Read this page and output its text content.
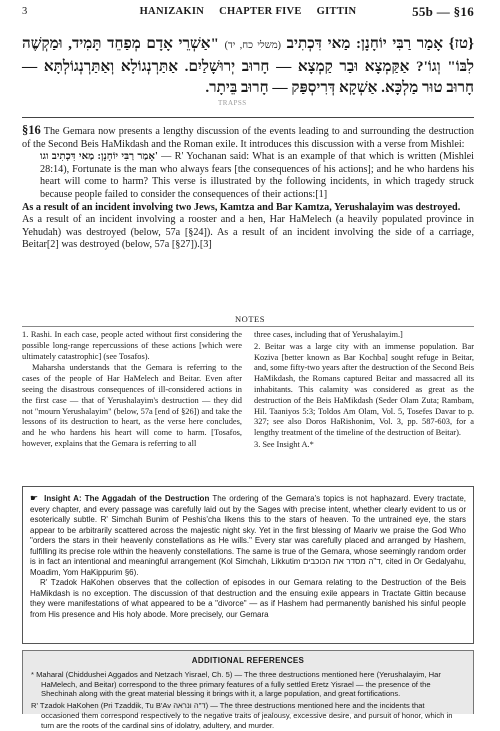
3	HANIZAKIN CHAPTER FIVE GITTIN	55b — §16
{טז} אָמַר רַבִּי יוֹחָנָן: מַאי דִּכְתִיב (משלי כח, יד) "אַשְׁרֵי אָדָם מְפַחֵד תָּמִיד, וּמַקְשֶׁה לִבּוֹ" וְגוֹ'? אַקַּמְצָא וּבַר קַמְצָא — חָרוּב יְרוּשָׁלַיִם. אַתַּרְנְגוֹלָא וְאַתַּרְנְגוֹלְתָּא — חָרוּב טוּר מַלְכָּא. אַשְׁקָא דְּרִיסְפַּק — חָרוּב בֵּיתָר.
TRAPSS

§16 The Gemara now presents a lengthy discussion of the events leading to and surrounding the destruction of the Second Beis HaMikdash and the Roman exile. It introduces this discussion with a verse from Mishlei:

אָמַר רַבִּי יוֹחָנָן: מַאי דִּכְתִיב וגו' — R' Yochanan said: What is an example of that which is written (Mishlei 28:14), Fortunate is the man who always fears [the consequences of his actions]; and he who hardens his heart will come to harm? This verse is illustrated by the following incidents, in which tragedy struck because people failed to consider the consequences of their actions:[1]

As a result of an incident involving two Jews, Kamtza and Bar Kamtza, Yerushalayim was destroyed.

As a result of an incident involving a rooster and a hen, Har HaMelech (a heavily populated province in Yehudah) was destroyed (below, 57a [§24]). As a result of an incident involving the side of a carriage, Beitar[2] was destroyed (below, 57a [§27]).[3]

NOTES

1. Rashi. In each case, people acted without first considering the possible long-range repercussions of these actions [which were ultimately catastrophic] (see Tosafos).

Maharsha understands that the Gemara is referring to the cases of the people of Har HaMelech and Beitar. Even after seeing the disastrous consequences of ill-considered actions in the first case — that of Yerushalayim's destruction — they did not "mourn Yerushalayim" (below, 57a [end of §26]) and take the lessons of its destruction to heart, as the verse here concludes, and he who hardens his heart will come to harm. [Tosafos, however, explains that the Gemara is referring to all

three cases, including that of Yerushalayim.]

2. Beitar was a large city with an immense population. Bar Koziva [better known as Bar Kochba] sought refuge in Beitar, and, some fifty-two years after the destruction of the Second Beis HaMikdash, the Romans captured Beitar and massacred all its inhabitants. This calamity was considered as great as the destruction of the Beis HaMikdash (Seder Olam Zuta; Rambam, Hil. Taaniyos 5:3; Toldos Am Olam, Vol. 5, Tosefes Davar to p. 327; see also Doros HaRishonim, Vol. 3, pp. 587-603, for a lengthy treatment of the timeline of the destruction of Beitar).

3. See Insight A.*

☛ Insight A: The Aggadah of the Destruction The ordering of the Gemara's topics is not haphazard. Every tractate, every chapter, and every passage was carefully laid out by the Sages with precise intent, whether clearly evident to us or esoterically subtle. R' Simchah Bunim of Peshis'cha likens this to the stars of heaven. To the untrained eye, the stars appear to be arbitrarily scattered across the majestic night sky. Yet in the first blessing of Maariv we praise the God Who "orders the stars in their heavenly constellations as He wills." Every star was carefully placed and arranged by Hashem, fulfilling its precise role within the heavenly constellations. The same is true of the Gemara, whose seemingly random order is in fact an intentional and meaningful arrangement (Kol Simchah, Likkutim ד"ה מסדר את הכוכבים, cited in Or Gedalyahu, Moadim, Yom HaKippurim §6).
R' Tzadok HaKohen observes that the collection of episodes in our Gemara relating to the Destruction of the Beis HaMikdash is no exception. The discussion of that destruction and the ensuing exile appears in Tractate Gittin because they were manifestations of what appeared to be a "divorce" — as if Hashem had permanently banished his sinful people from His presence and His holy abode. More precisely, our Gemara
ADDITIONAL REFERENCES

* Maharal (Chiddushei Aggados and Netzach Yisrael, Ch. 5) — The three destructions mentioned here (Yerushalayim, Har HaMelech, and Beitar) correspond to the three primary features of a fully settled Eretz Yisrael — the presence of the Shechinah along with the great material blessing it brings with it, a large population, and great fortifications.

R' Tzadok HaKohen (Pri Tzaddik, Tu B'Av ד"ה ונראה) — The three destructions mentioned here and the incidents that occasioned them correspond respectively to the negative traits of jealousy, excessive desire, and pursuit of honor, which in turn are the roots of the cardinal sins of idolatry, adultery, and murder.
